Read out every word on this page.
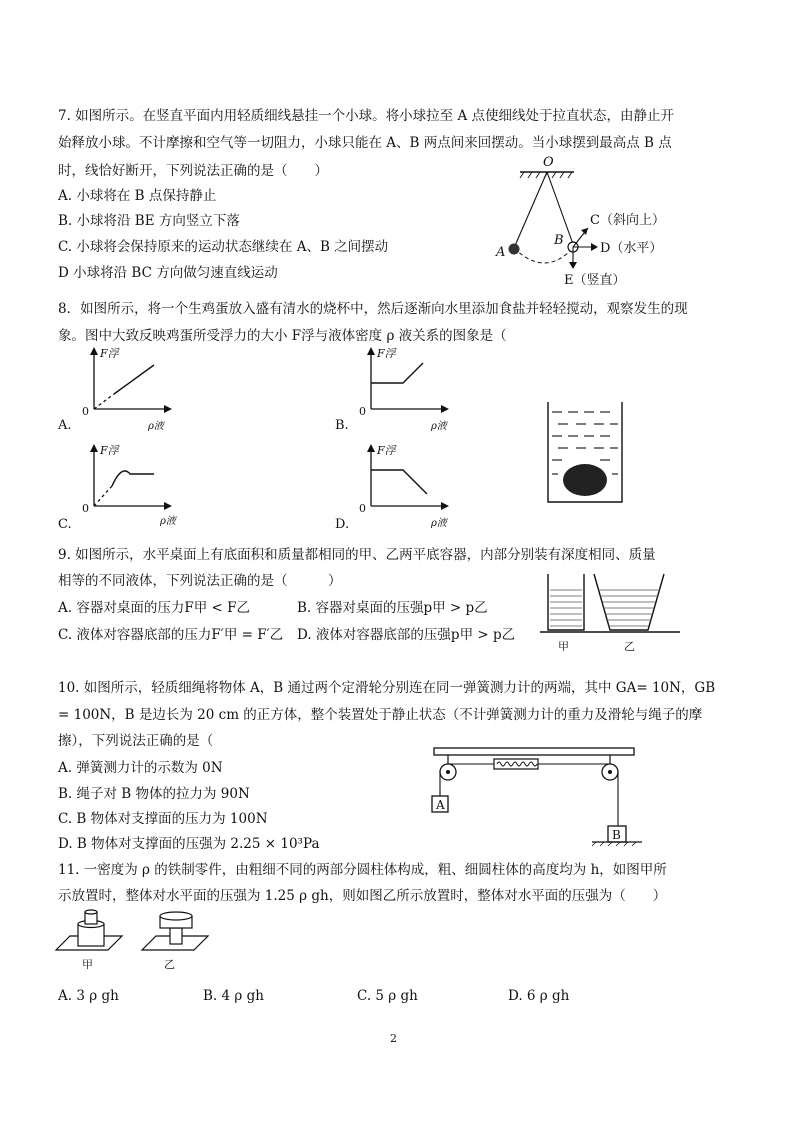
7. 如图所示。在竖直平面内用轻质细线悬挂一个小球。将小球拉至 A 点使细线处于拉直状态，由静止开
始释放小球。不计摩擦和空气等一切阻力，小球只能在 A、B 两点间来回摆动。当小球摆到最高点 B 点
时，线恰好断开，下列说法正确的是（　　）
A. 小球将在 B 点保持静止
B. 小球将沿 BE 方向竖立下落
C. 小球将会保持原来的运动状态继续在 A、B 之间摆动
D 小球将沿 BC 方向做匀速直线运动
O
A
B
C（斜向上）
D（水平）
E（竖直）
8．如图所示，将一个生鸡蛋放入盛有清水的烧杯中，然后逐渐向水里添加食盐并轻轻搅动，观察发生的现
象。图中大致反映鸡蛋所受浮力的大小 F浮与液体密度 ρ 液关系的图象是（
F浮
ρ液
0
A.
F浮
ρ液
0
B.
F浮
ρ液
0
C.
F浮
ρ液
0
D.
9. 如图所示，水平桌面上有底面积和质量都相同的甲、乙两平底容器，内部分别装有深度相同、质量
相等的不同液体，下列说法正确的是（　　　）
A. 容器对桌面的压力F甲 < F乙	B. 容器对桌面的压强p甲 > p乙
C. 液体对容器底部的压力F′甲 = F′乙 D. 液体对容器底部的压强p甲 > p乙
甲	乙
10. 如图所示，轻质细绳将物体 A，B 通过两个定滑轮分别连在同一弹簧测力计的两端，其中 GA= 10N，GB
= 100N，B 是边长为 20 cm 的正方体，整个装置处于静止状态（不计弹簧测力计的重力及滑轮与绳子的摩
擦），下列说法正确的是（
A. 弹簧测力计的示数为 0N
B. 绳子对 B 物体的拉力为 90N
C. B 物体对支撑面的压力为 100N
D. B 物体对支撑面的压强为 2.25 × 10³Pa
A
B
11. 一密度为 ρ 的铁制零件，由粗细不同的两部分圆柱体构成，粗、细圆柱体的高度均为 h，如图甲所
示放置时，整体对水平面的压强为 1.25 ρ gh，则如图乙所示放置时，整体对水平面的压强为（　　）
甲	乙
A. 3 ρ gh	B. 4 ρ gh	C. 5 ρ gh	D. 6 ρ gh
2
